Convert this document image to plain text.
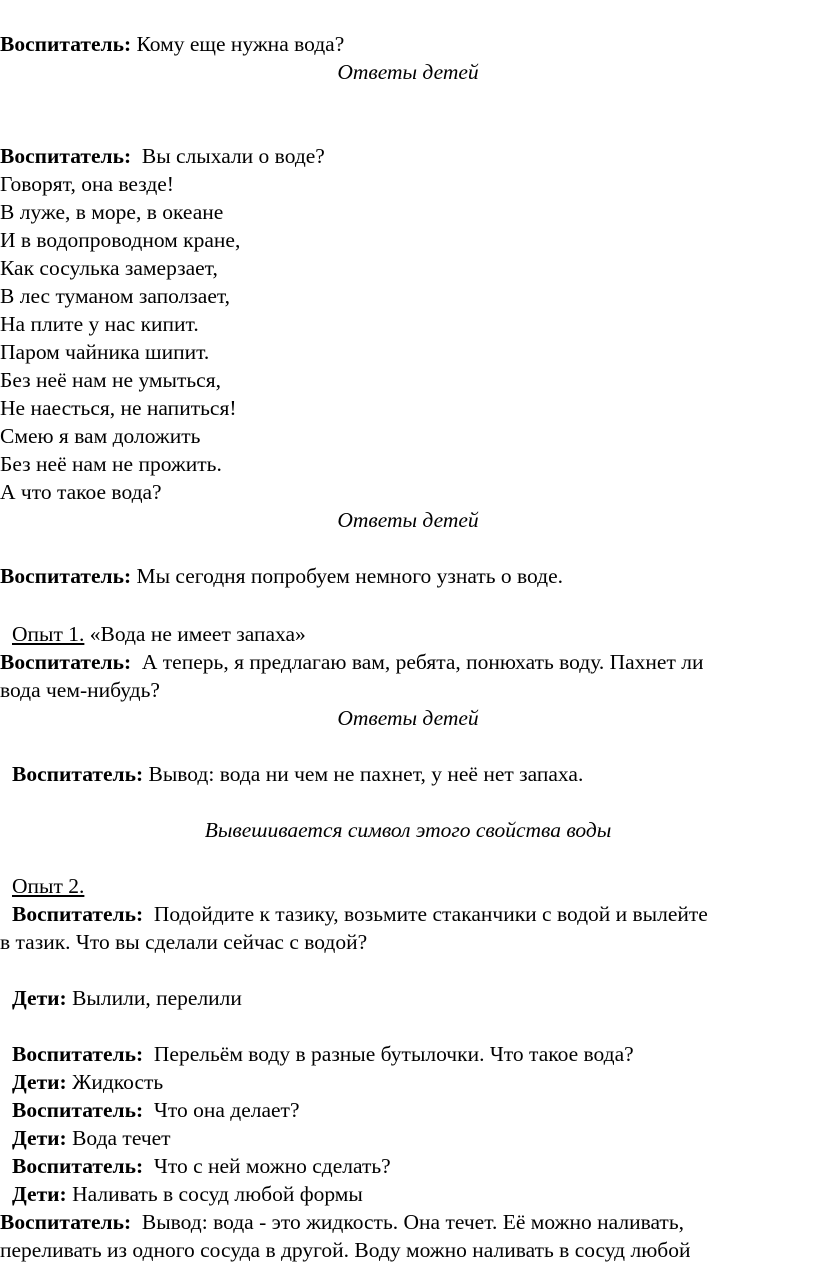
Воспитатель: Кому еще нужна вода?
Ответы детей
Воспитатель: Вы слыхали о воде?
Говорят, она везде!
В луже, в море, в океане
И в водопроводном кране,
Как сосулька замерзает,
В лес туманом заползает,
На плите у нас кипит.
Паром чайника шипит.
Без неё нам не умыться,
Не наесться, не напиться!
Смею я вам доложить
Без неё нам не прожить.
А что такое вода?
Ответы детей
Воспитатель: Мы сегодня попробуем немного узнать о воде.
Опыт 1. «Вода не имеет запаха»
Воспитатель: А теперь, я предлагаю вам, ребята, понюхать воду. Пахнет ли
вода чем-нибудь?
Ответы детей
Воспитатель: Вывод: вода ни чем не пахнет, у неё нет запаха.
Вывешивается символ этого свойства воды
Опыт 2.
Воспитатель: Подойдите к тазику, возьмите стаканчики с водой и вылейте
в тазик. Что вы сделали сейчас с водой?
Дети: Вылили, перелили
Воспитатель: Перельём воду в разные бутылочки. Что такое вода?
Дети: Жидкость
Воспитатель: Что она делает?
Дети: Вода течет
Воспитатель: Что с ней можно сделать?
Дети: Наливать в сосуд любой формы
Воспитатель: Вывод: вода - это жидкость. Она течет. Её можно наливать,
переливать из одного сосуда в другой. Воду можно наливать в сосуд любой
